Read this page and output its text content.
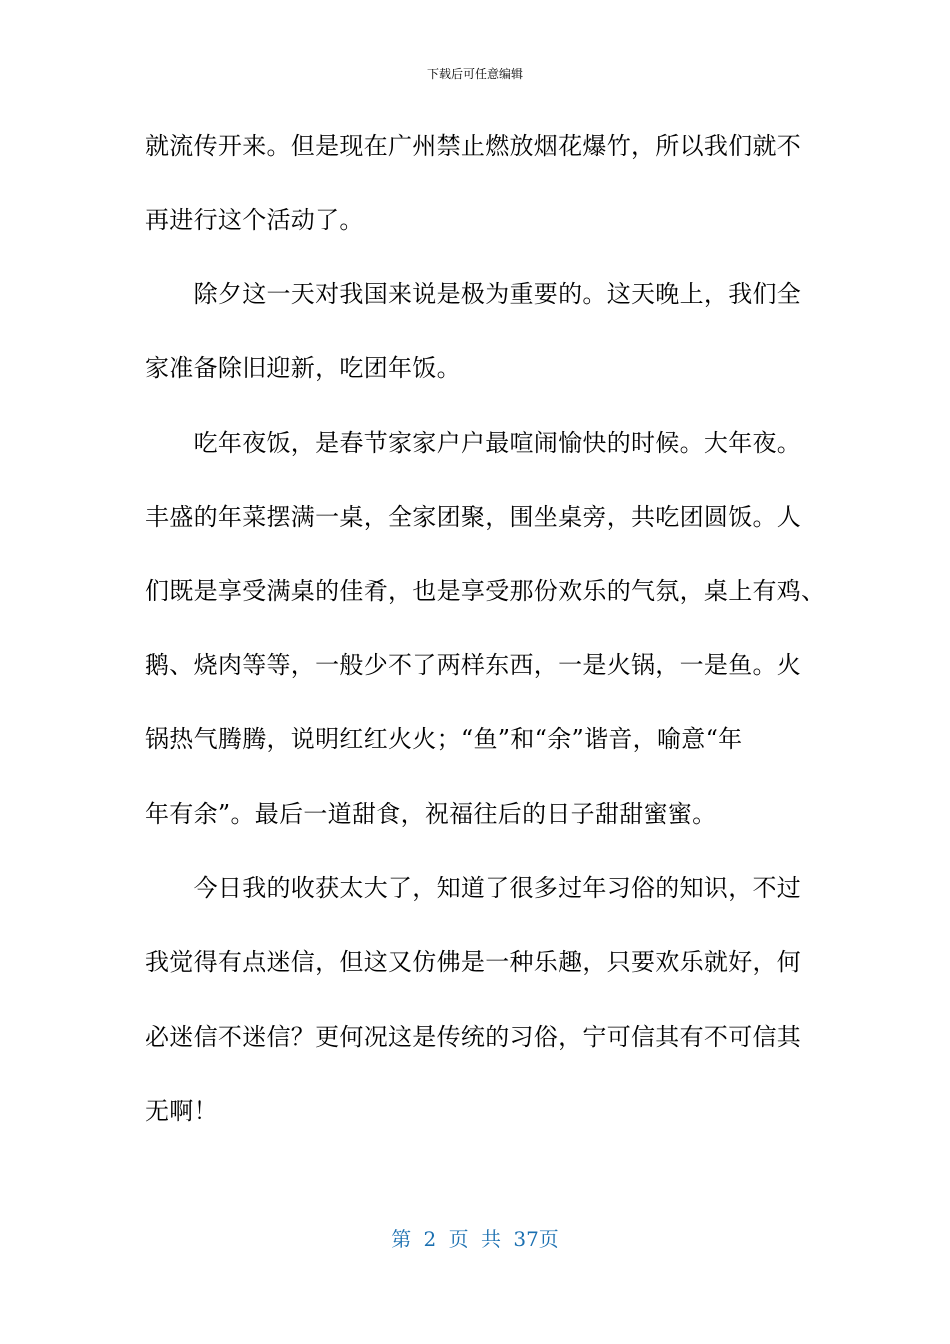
下载后可任意编辑
就流传开来。但是现在广州禁止燃放烟花爆竹，所以我们就不
再进行这个活动了。
　　除夕这一天对我国来说是极为重要的。这天晚上，我们全
家准备除旧迎新，吃团年饭。
　　吃年夜饭，是春节家家户户最喧闹愉快的时候。大年夜。
丰盛的年菜摆满一桌，全家团聚，围坐桌旁，共吃团圆饭。人
们既是享受满桌的佳肴，也是享受那份欢乐的气氛，桌上有鸡、
鹅、烧肉等等，一般少不了两样东西，一是火锅，一是鱼。火
锅热气腾腾，说明红红火火；“鱼”和“余”谐音，喻意“年
年有余”。最后一道甜食，祝福往后的日子甜甜蜜蜜。
　　今日我的收获太大了，知道了很多过年习俗的知识，不过
我觉得有点迷信，但这又仿佛是一种乐趣，只要欢乐就好，何
必迷信不迷信？更何况这是传统的习俗，宁可信其有不可信其
无啊！
第 2 页 共 37页
